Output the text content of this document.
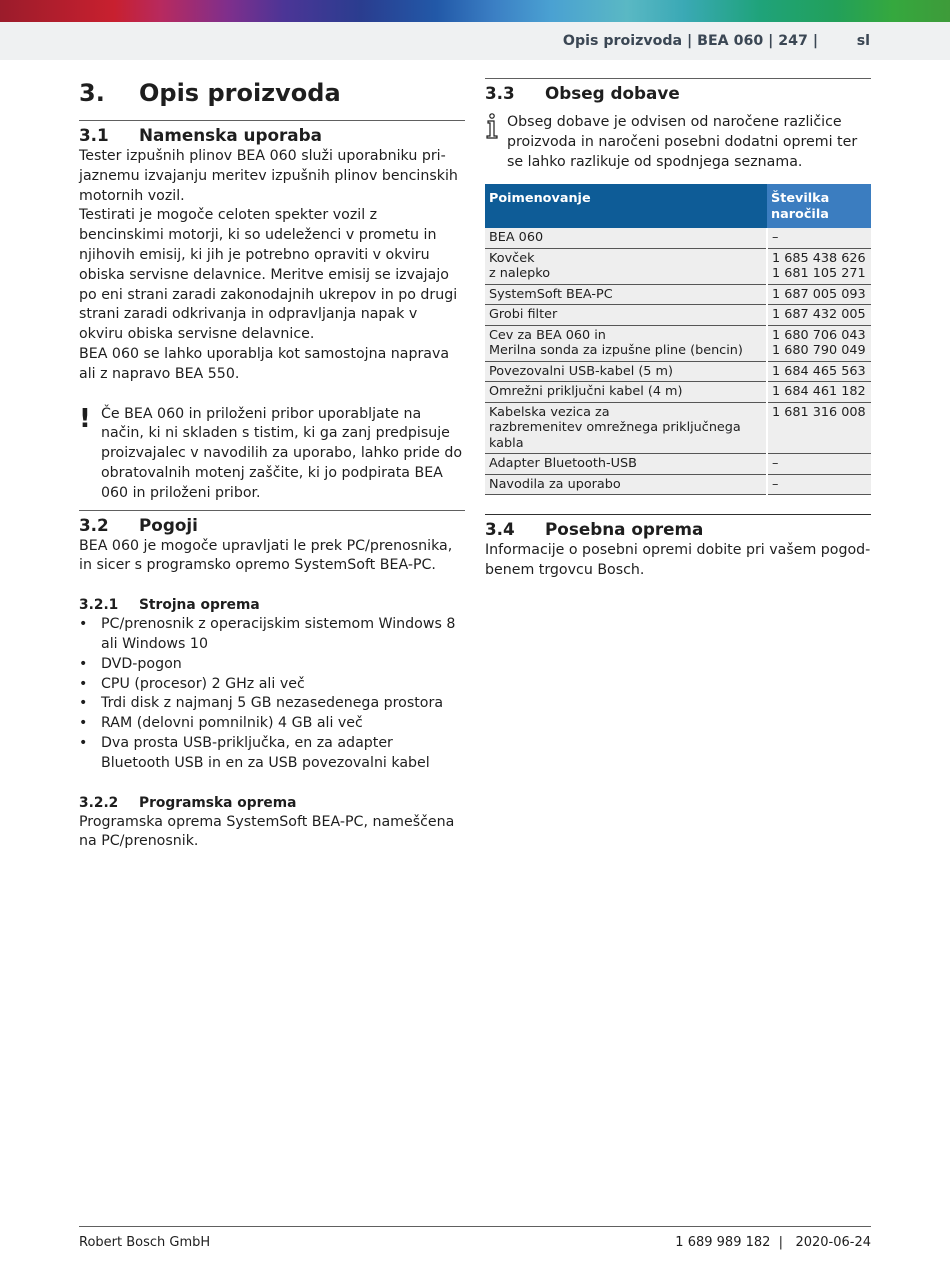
Opis proizvoda | BEA 060 | 247 |	sl
3. Opis proizvoda
3.1 Namenska uporaba

Tester izpušnih plinov BEA 060 služi uporabniku prijaznemu izvajanju meritev izpušnih plinov bencinskih motornih vozil.

Testirati je mogoče celoten spekter vozil z bencinskimi motorji, ki so udeleženci v prometu in njihovih emisij, ki jih je potrebno opraviti v okviru obiska servisne delavnice. Meritve emisij se izvajajo po eni strani zaradi zakonodajnih ukrepov in po drugi strani zaradi odkrivanja in odpravljanja napak v okviru obiska servisne delavnice.

BEA 060 se lahko uporablja kot samostojna naprava ali z napravo BEA 550.

! Če BEA 060 in priloženi pribor uporabljate na način, ki ni skladen s tistim, ki ga zanj predpisuje proizvajalec v navodilih za uporabo, lahko pride do obratovalnih motenj zaščite, ki jo podpirata BEA 060 in priloženi pribor.

3.2 Pogoji

BEA 060 je mogoče upravljati le prek PC/prenosnika, in sicer s programsko opremo SystemSoft BEA-PC.

3.2.1 Strojna oprema
• PC/prenosnik z operacijskim sistemom Windows 8 ali Windows 10
• DVD-pogon
• CPU (procesor) 2 GHz ali več
• Trdi disk z najmanj 5 GB nezasedenega prostora
• RAM (delovni pomnilnik) 4 GB ali več
• Dva prosta USB-priključka, en za adapter Bluetooth USB in en za USB povezovalni kabel
3.2.2 Programska oprema

Programska oprema SystemSoft BEA-PC, nameščena na PC/prenosnik.

3.3 Obseg dobave

Obseg dobave je odvisen od naročene različice proizvoda in naročeni posebni dodatni opremi ter se lahko razlikuje od spodnjega seznama.

Poimenovanje	Številka naročila
BEA 060	–
Kovček
z nalepko	1 685 438 626
1 681 105 271
SystemSoft BEA-PC	1 687 005 093
Grobi filter	1 687 432 005
Cev za BEA 060 in
Merilna sonda za izpušne pline (bencin)	1 680 706 043
1 680 790 049
Povezovalni USB-kabel (5 m)	1 684 465 563
Omrežni priključni kabel (4 m)	1 684 461 182
Kabelska vezica za
razbremenitev omrežnega priključnega kabla	1 681 316 008
Adapter Bluetooth-USB	–
Navodila za uporabo	–
3.4 Posebna oprema

Informacije o posebni opremi dobite pri vašem pogodbenem trgovcu Bosch.

Robert Bosch GmbH	1 689 989 182  |   2020-06-24
